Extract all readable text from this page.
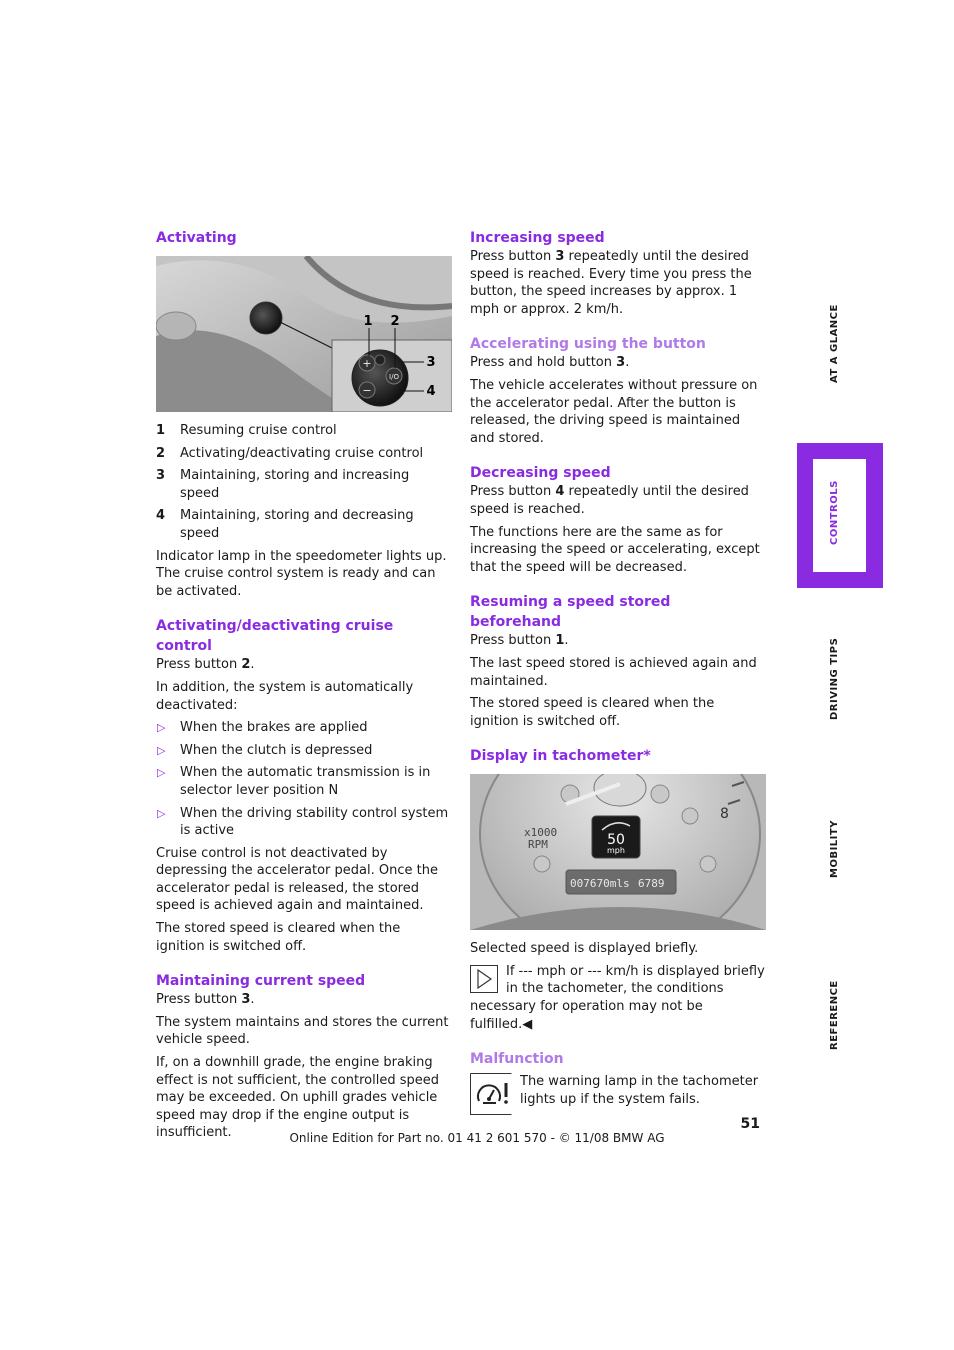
Activating
+
I/O
−
1 2
3
4
1 Resuming cruise control
2 Activating/deactivating cruise control
3 Maintaining, storing and increasing speed
4 Maintaining, storing and decreasing speed

Indicator lamp in the speedometer lights up. The cruise control system is ready and can be activated.

Activating/deactivating cruise control

Press button 2.

In addition, the system is automatically deactivated:

▷ When the brakes are applied
▷ When the clutch is depressed
▷ When the automatic transmission is in selector lever position N
▷ When the driving stability control system is active

Cruise control is not deactivated by depressing the accelerator pedal. Once the accelerator pedal is released, the stored speed is achieved again and maintained.

The stored speed is cleared when the ignition is switched off.

Maintaining current speed

Press button 3.

The system maintains and stores the current vehicle speed.

If, on a downhill grade, the engine braking effect is not sufficient, the controlled speed may be exceeded. On uphill grades vehicle speed may drop if the engine output is insufficient.

Increasing speed

Press button 3 repeatedly until the desired speed is reached. Every time you press the button, the speed increases by approx. 1 mph or approx. 2 km/h.

Accelerating using the button

Press and hold button 3.

The vehicle accelerates without pressure on the accelerator pedal. After the button is released, the driving speed is maintained and stored.

Decreasing speed

Press button 4 repeatedly until the desired speed is reached.

The functions here are the same as for increasing the speed or accelerating, except that the speed will be decreased.

Resuming a speed stored beforehand

Press button 1.

The last speed stored is achieved again and maintained.

The stored speed is cleared when the ignition is switched off.

Display in tachometer*
8
x1000
RPM	50
mph
007670mls 6789

Selected speed is displayed briefly.

If --- mph or --- km/h is displayed briefly in the tachometer, the conditions necessary for operation may not be fulfilled.◀

Malfunction

The warning lamp in the tachometer lights up if the system fails.

AT A GLANCE
CONTROLS
DRIVING TIPS
MOBILITY
REFERENCE
51
Online Edition for Part no. 01 41 2 601 570 - © 11/08 BMW AG
